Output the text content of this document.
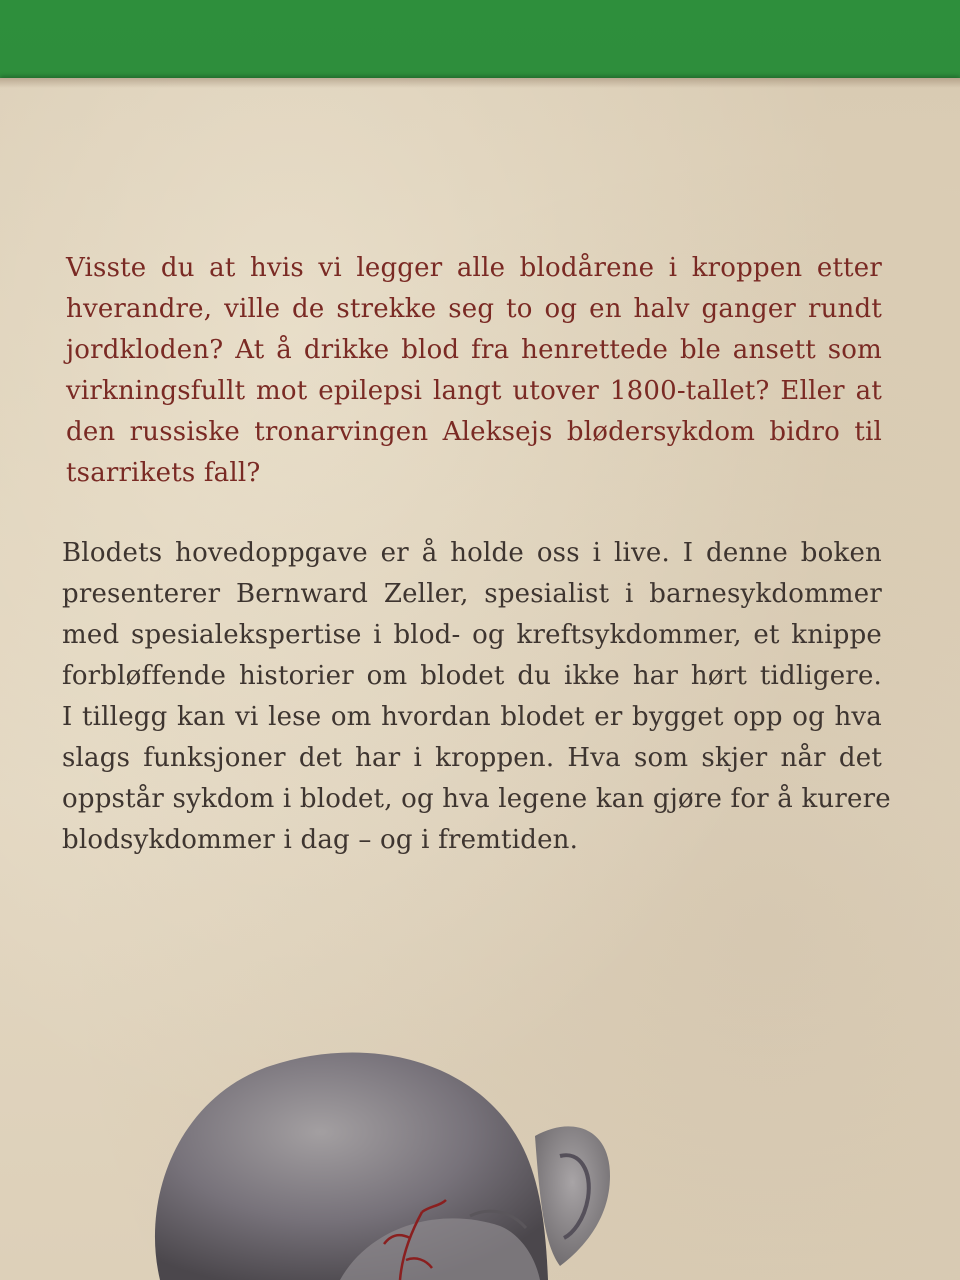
Visste du at hvis vi legger alle blodårene i kroppen etter
hverandre, ville de strekke seg to og en halv ganger rundt
jordkloden? At å drikke blod fra henrettede ble ansett som
virkningsfullt mot epilepsi langt utover 1800-tallet? Eller at
den russiske tronarvingen Aleksejs blødersykdom bidro til
tsarrikets fall?
Blodets hovedoppgave er å holde oss i live. I denne boken
presenterer Bernward Zeller, spesialist i barnesykdommer
med spesialekspertise i blod- og kreftsykdommer, et knippe
forbløffende historier om blodet du ikke har hørt tidligere.
I tillegg kan vi lese om hvordan blodet er bygget opp og hva
slags funksjoner det har i kroppen. Hva som skjer når det
oppstår sykdom i blodet, og hva legene kan gjøre for å kurere
blodsykdommer i dag – og i fremtiden.
